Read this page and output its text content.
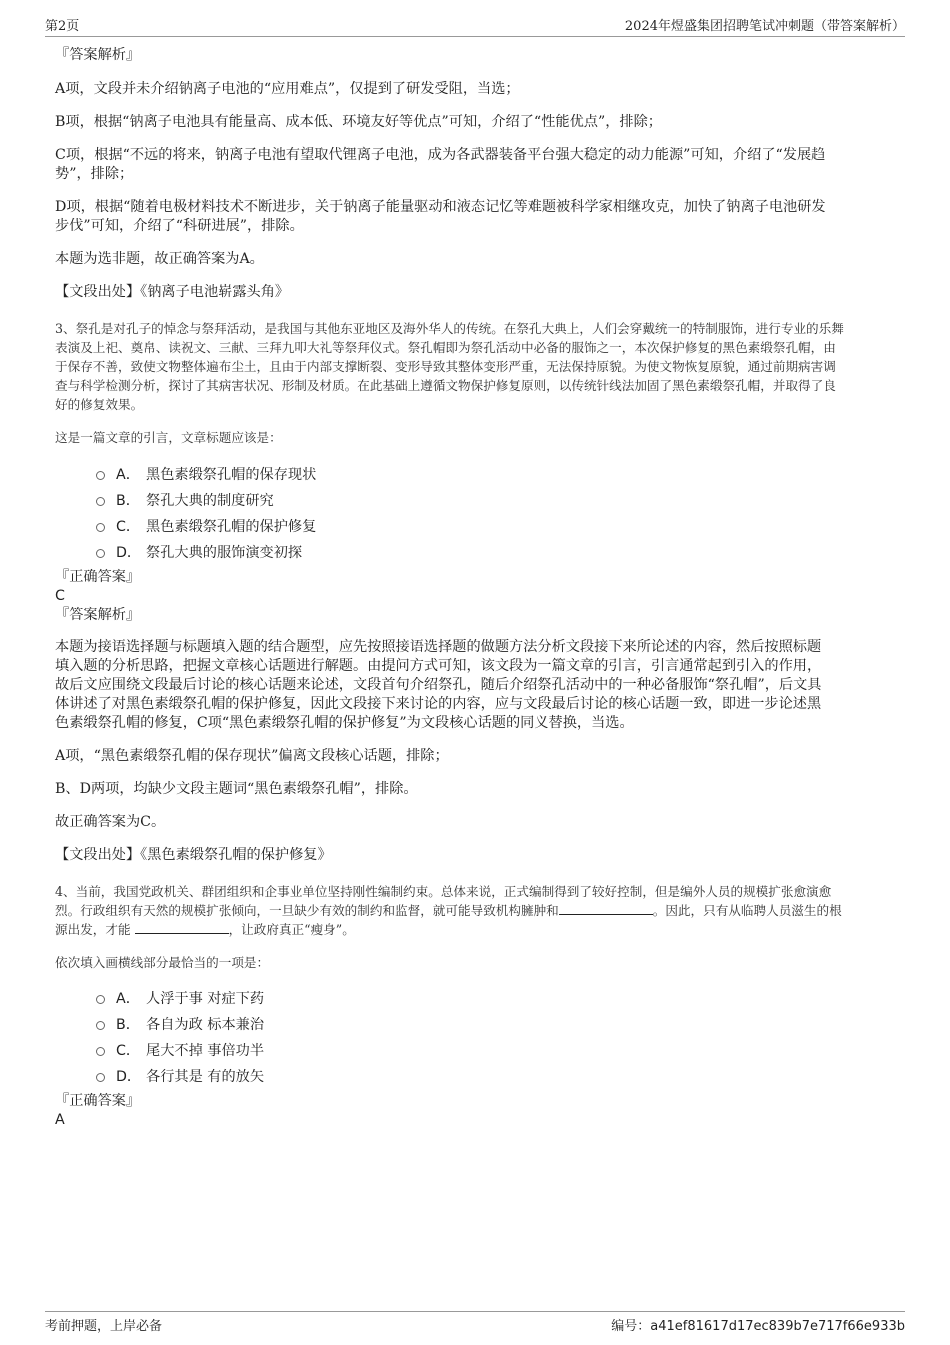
第2页	2024年煜盛集团招聘笔试冲刺题（带答案解析）

『答案解析』

A项，文段并未介绍钠离子电池的“应用难点”，仅提到了研发受阻，当选；

B项，根据“钠离子电池具有能量高、成本低、环境友好等优点”可知，介绍了“性能优点”，排除；

C项，根据“不远的将来，钠离子电池有望取代锂离子电池，成为各武器装备平台强大稳定的动力能源”可知，介绍了“发展趋

势”，排除；

D项，根据“随着电极材料技术不断进步，关于钠离子能量驱动和液态记忆等难题被科学家相继攻克，加快了钠离子电池研发

步伐”可知，介绍了“科研进展”，排除。

本题为选非题，故正确答案为A。

【文段出处】《钠离子电池崭露头角》

3、祭孔是对孔子的悼念与祭拜活动，是我国与其他东亚地区及海外华人的传统。在祭孔大典上，人们会穿戴统一的特制服饰，进行专业的乐舞

表演及上祀、奠帛、读祝文、三献、三拜九叩大礼等祭拜仪式。祭孔帽即为祭孔活动中必备的服饰之一，本次保护修复的黑色素缎祭孔帽，由

于保存不善，致使文物整体遍布尘土，且由于内部支撑断裂、变形导致其整体变形严重，无法保持原貌。为使文物恢复原貌，通过前期病害调

查与科学检测分析，探讨了其病害状况、形制及材质。在此基础上遵循文物保护修复原则，以传统针线法加固了黑色素缎祭孔帽，并取得了良

好的修复效果。

这是一篇文章的引言，文章标题应该是：

A． 黑色素缎祭孔帽的保存现状
B． 祭孔大典的制度研究
C． 黑色素缎祭孔帽的保护修复
D． 祭孔大典的服饰演变初探

『正确答案』

C

『答案解析』

本题为接语选择题与标题填入题的结合题型，应先按照接语选择题的做题方法分析文段接下来所论述的内容，然后按照标题

填入题的分析思路，把握文章核心话题进行解题。由提问方式可知，该文段为一篇文章的引言，引言通常起到引入的作用，

故后文应围绕文段最后讨论的核心话题来论述，文段首句介绍祭孔，随后介绍祭孔活动中的一种必备服饰“祭孔帽”，后文具

体讲述了对黑色素缎祭孔帽的保护修复，因此文段接下来讨论的内容，应与文段最后讨论的核心话题一致，即进一步论述黑

色素缎祭孔帽的修复，C项“黑色素缎祭孔帽的保护修复”为文段核心话题的同义替换，当选。

A项，“黑色素缎祭孔帽的保存现状”偏离文段核心话题，排除；

B、D两项，均缺少文段主题词“黑色素缎祭孔帽”，排除。

故正确答案为C。

【文段出处】《黑色素缎祭孔帽的保护修复》

4、当前，我国党政机关、群团组织和企事业单位坚持刚性编制约束。总体来说，正式编制得到了较好控制，但是编外人员的规模扩张愈演愈

烈。行政组织有天然的规模扩张倾向，一旦缺少有效的制约和监督，就可能导致机构臃肿和	。因此，只有从临聘人员滋生的根

源出发，才能	，让政府真正“瘦身”。

依次填入画横线部分最恰当的一项是：

A． 人浮于事 对症下药
B． 各自为政 标本兼治
C． 尾大不掉 事倍功半
D． 各行其是 有的放矢

『正确答案』

A

考前押题，上岸必备	编号：a41ef81617d17ec839b7e717f66e933b
